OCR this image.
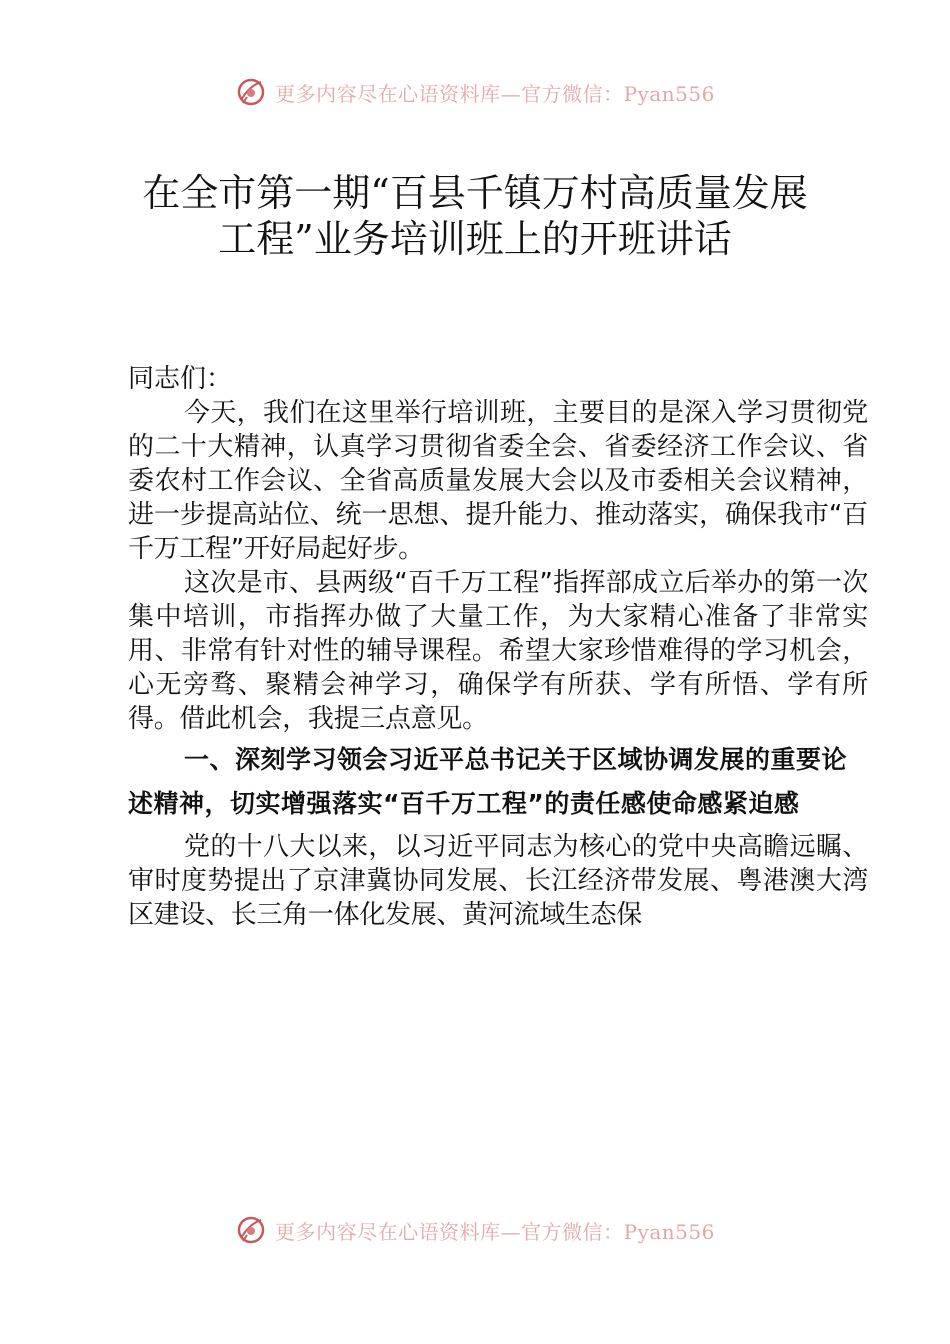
更多内容尽在心语资料库—官方微信：Pyan556
在全市第一期“百县千镇万村高质量发展
工程”业务培训班上的开班讲话

同志们：

今天，我们在这里举行培训班，主要目的是深入学习贯彻党的二十大精神，认真学习贯彻省委全会、省委经济工作会议、省委农村工作会议、全省高质量发展大会以及市委相关会议精神，进一步提高站位、统一思想、提升能力、推动落实，确保我市“百千万工程”开好局起好步。

这次是市、县两级“百千万工程”指挥部成立后举办的第一次集中培训，市指挥办做了大量工作，为大家精心准备了非常实用、非常有针对性的辅导课程。希望大家珍惜难得的学习机会，心无旁骛、聚精会神学习，确保学有所获、学有所悟、学有所得。借此机会，我提三点意见。

一、深刻学习领会习近平总书记关于区域协调发展的重要论述精神，切实增强落实“百千万工程”的责任感使命感紧迫感

党的十八大以来，以习近平同志为核心的党中央高瞻远瞩、审时度势提出了京津冀协同发展、长江经济带发展、粤港澳大湾区建设、长三角一体化发展、黄河流域生态保

更多内容尽在心语资料库—官方微信：Pyan556
